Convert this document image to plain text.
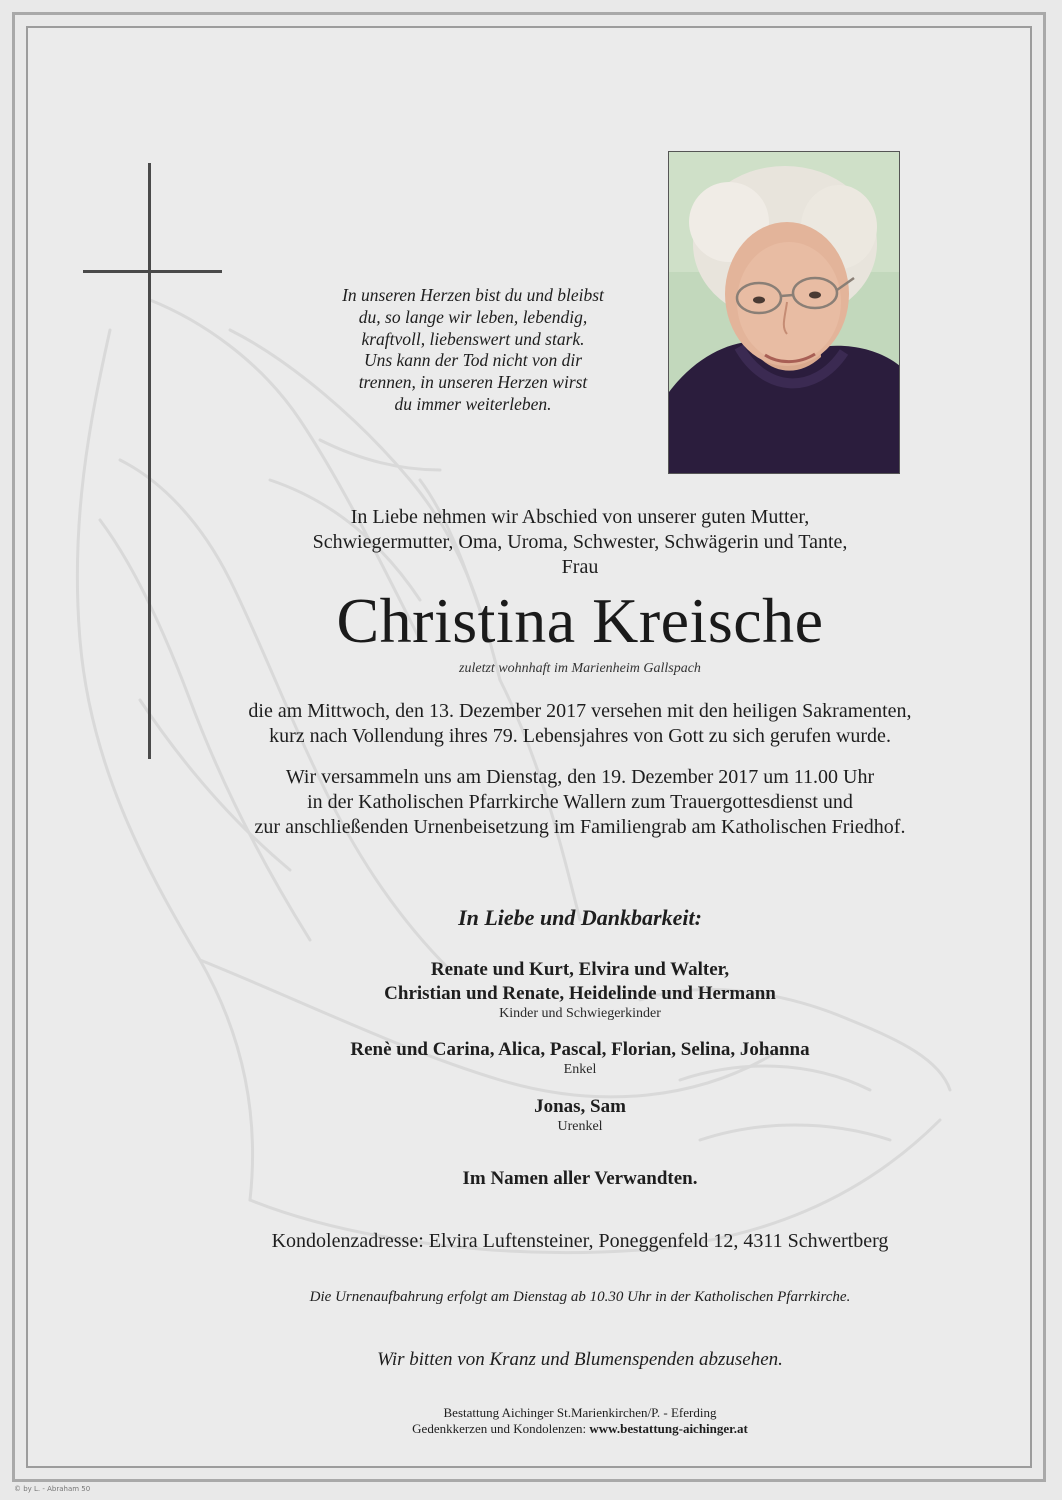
In unseren Herzen bist du und bleibst
du, so lange wir leben, lebendig,
kraftvoll, liebenswert und stark.
Uns kann der Tod nicht von dir
trennen, in unseren Herzen wirst
du immer weiterleben.
In Liebe nehmen wir Abschied von unserer guten Mutter,
Schwiegermutter, Oma, Uroma, Schwester, Schwägerin und Tante,
Frau
Christina Kreische
zuletzt wohnhaft im Marienheim Gallspach
die am Mittwoch, den 13. Dezember 2017 versehen mit den heiligen Sakramenten,
kurz nach Vollendung ihres 79. Lebensjahres von Gott zu sich gerufen wurde.
Wir versammeln uns am Dienstag, den 19. Dezember 2017 um 11.00 Uhr
in der Katholischen Pfarrkirche Wallern zum Trauergottesdienst und
zur anschließenden Urnenbeisetzung im Familiengrab am Katholischen Friedhof.
In Liebe und Dankbarkeit:
Renate und Kurt, Elvira und Walter,
Christian und Renate, Heidelinde und Hermann
Kinder und Schwiegerkinder
Renè und Carina, Alica, Pascal, Florian, Selina, Johanna
Enkel
Jonas, Sam
Urenkel
Im Namen aller Verwandten.
Kondolenzadresse: Elvira Luftensteiner, Poneggenfeld 12, 4311 Schwertberg
Die Urnenaufbahrung erfolgt am Dienstag ab 10.30 Uhr in der Katholischen Pfarrkirche.
Wir bitten von Kranz und Blumenspenden abzusehen.
Bestattung Aichinger St.Marienkirchen/P. - Eferding
Gedenkkerzen und Kondolenzen: www.bestattung-aichinger.at
© by L. - Abraham 50
